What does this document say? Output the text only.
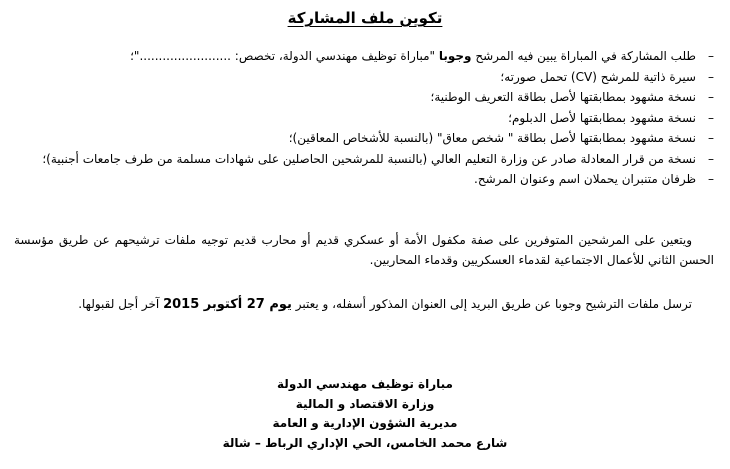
تكوين ملف المشاركة
–
طلب المشاركة في المباراة يبين فيه المرشح وجوبا "مباراة توظيف مهندسي الدولة، تخصص: ........................"؛
–
سيرة ذاتية للمرشح (CV) تحمل صورته؛
–
نسخة مشهود بمطابقتها لأصل بطاقة التعريف الوطنية؛
–
نسخة مشهود بمطابقتها لأصل الدبلوم؛
–
نسخة مشهود بمطابقتها لأصل بطاقة " شخص معاق" (بالنسبة للأشخاص المعاقين)؛
–
نسخة من قرار المعادلة صادر عن وزارة التعليم العالي (بالنسبة للمرشحين الحاصلين على شهادات مسلمة من طرف جامعات أجنبية)؛
–
ظرفان متنبران يحملان اسم وعنوان المرشح.

ويتعين على المرشحين المتوفرين على صفة مكفول الأمة أو عسكري قديم أو محارب قديم توجيه ملفات ترشيحهم عن طريق مؤسسة الحسن الثاني للأعمال الاجتماعية لقدماء العسكريين وقدماء المحاربين.

ترسل ملفات الترشيح وجوبا عن طريق البريد إلى العنوان المذكور أسفله، و يعتبر يوم 27 أكتوبر 2015 آخر أجل لقبولها.

مباراة توظيف مهندسي الدولة
وزارة الاقتصاد و المالية
مديرية الشؤون الإدارية و العامة
شارع محمد الخامس، الحي الإداري الرباط – شالة
